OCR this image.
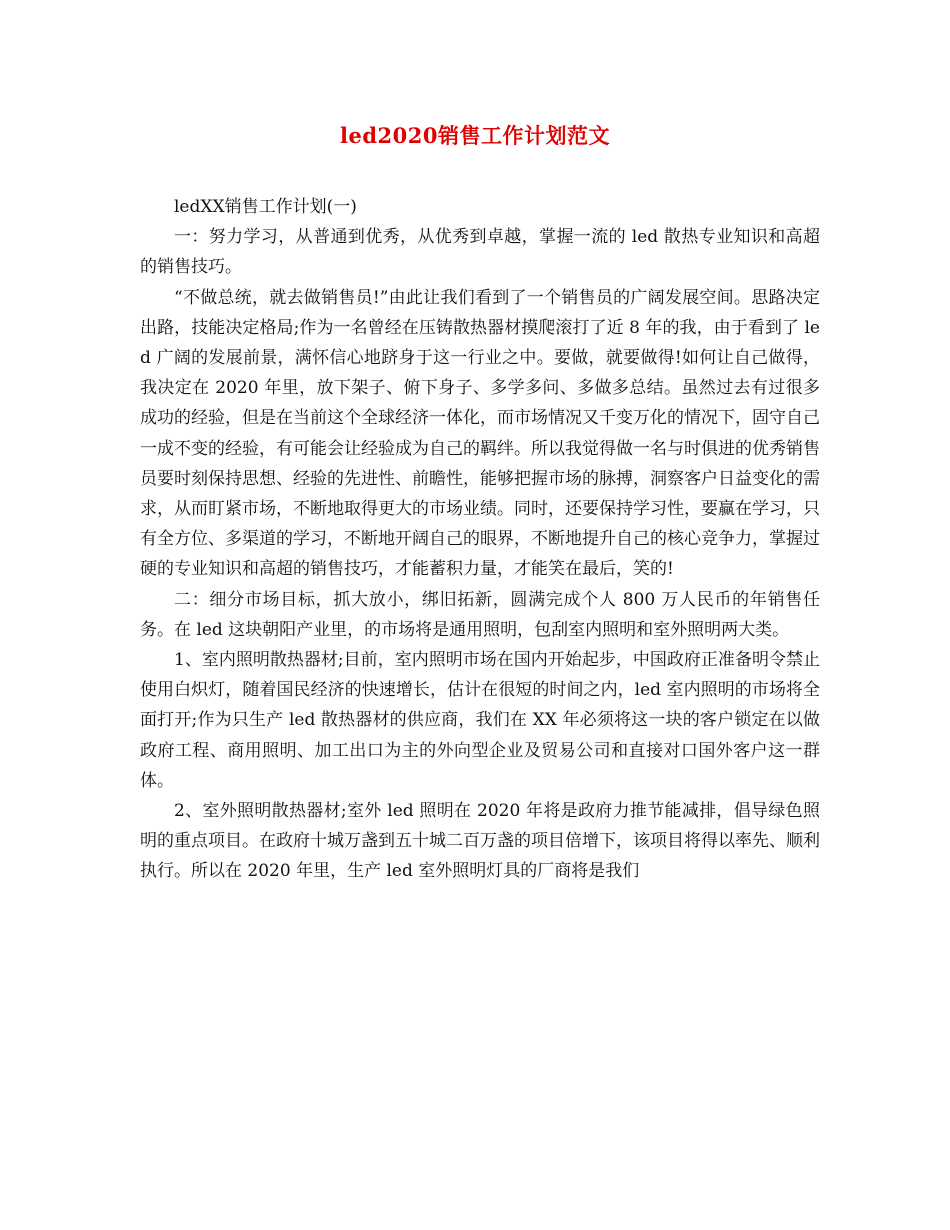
led2020销售工作计划范文

ledXX销售工作计划(一)

一：努力学习，从普通到优秀，从优秀到卓越，掌握一流的 led 散热专业知识和高超的销售技巧。

“不做总统，就去做销售员!”由此让我们看到了一个销售员的广阔发展空间。思路决定出路，技能决定格局;作为一名曾经在压铸散热器材摸爬滚打了近 8 年的我，由于看到了 led 广阔的发展前景，满怀信心地跻身于这一行业之中。要做，就要做得!如何让自己做得，我决定在 2020 年里，放下架子、俯下身子、多学多问、多做多总结。虽然过去有过很多成功的经验，但是在当前这个全球经济一体化，而市场情况又千变万化的情况下，固守自己一成不变的经验，有可能会让经验成为自己的羁绊。所以我觉得做一名与时俱进的优秀销售员要时刻保持思想、经验的先进性、前瞻性，能够把握市场的脉搏，洞察客户日益变化的需求，从而盯紧市场，不断地取得更大的市场业绩。同时，还要保持学习性，要赢在学习，只有全方位、多渠道的学习，不断地开阔自己的眼界，不断地提升自己的核心竞争力，掌握过硬的专业知识和高超的销售技巧，才能蓄积力量，才能笑在最后，笑的!

二：细分市场目标，抓大放小，绑旧拓新，圆满完成个人 800 万人民币的年销售任务。在 led 这块朝阳产业里，的市场将是通用照明，包刮室内照明和室外照明两大类。

1、室内照明散热器材;目前，室内照明市场在国内开始起步，中国政府正准备明令禁止使用白炽灯，随着国民经济的快速增长，估计在很短的时间之内，led 室内照明的市场将全面打开;作为只生产 led 散热器材的供应商，我们在 XX 年必须将这一块的客户锁定在以做政府工程、商用照明、加工出口为主的外向型企业及贸易公司和直接对口国外客户这一群体。

2、室外照明散热器材;室外 led 照明在 2020 年将是政府力推节能减排，倡导绿色照明的重点项目。在政府十城万盏到五十城二百万盏的项目倍增下，该项目将得以率先、顺利执行。所以在 2020 年里，生产 led 室外照明灯具的厂商将是我们
